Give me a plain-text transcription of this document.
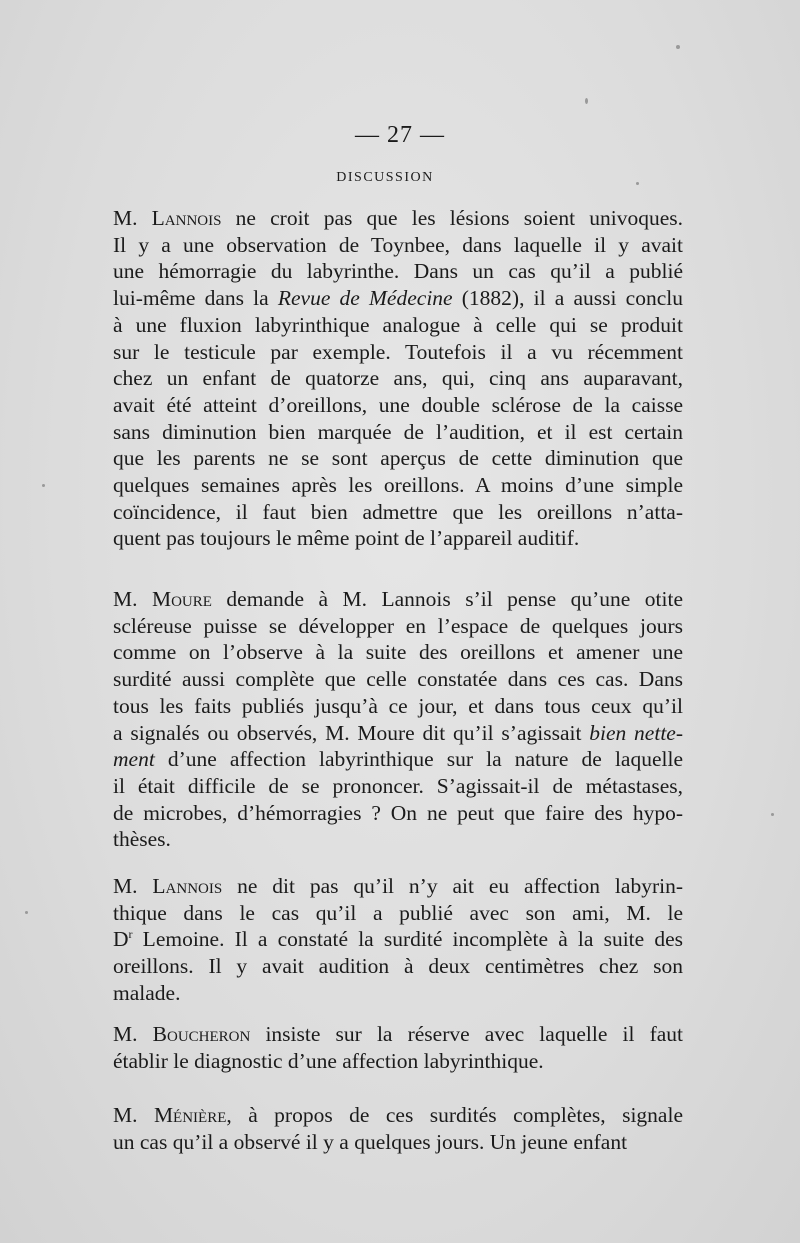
— 27 —
DISCUSSION
M. Lannois ne croit pas que les lésions soient univoques.
Il y a une observation de Toynbee, dans laquelle il y avait
une hémorragie du labyrinthe. Dans un cas qu’il a publié
lui-même dans la Revue de Médecine (1882), il a aussi conclu
à une fluxion labyrinthique analogue à celle qui se produit
sur le testicule par exemple. Toutefois il a vu récemment
chez un enfant de quatorze ans, qui, cinq ans auparavant,
avait été atteint d’oreillons, une double sclérose de la caisse
sans diminution bien marquée de l’audition, et il est certain
que les parents ne se sont aperçus de cette diminution que
quelques semaines après les oreillons. A moins d’une simple
coïncidence, il faut bien admettre que les oreillons n’atta-
quent pas toujours le même point de l’appareil auditif.
M. Moure demande à M. Lannois s’il pense qu’une otite
scléreuse puisse se développer en l’espace de quelques jours
comme on l’observe à la suite des oreillons et amener une
surdité aussi complète que celle constatée dans ces cas. Dans
tous les faits publiés jusqu’à ce jour, et dans tous ceux qu’il
a signalés ou observés, M. Moure dit qu’il s’agissait bien nette-
ment d’une affection labyrinthique sur la nature de laquelle
il était difficile de se prononcer. S’agissait-il de métastases,
de microbes, d’hémorragies ? On ne peut que faire des hypo-
thèses.
M. Lannois ne dit pas qu’il n’y ait eu affection labyrin-
thique dans le cas qu’il a publié avec son ami, M. le
$D^r$ Lemoine. Il a constaté la surdité incomplète à la suite des
oreillons. Il y avait audition à deux centimètres chez son
malade.
M. Boucheron insiste sur la réserve avec laquelle il faut
établir le diagnostic d’une affection labyrinthique.
M. Ménière, à propos de ces surdités complètes, signale
un cas qu’il a observé il y a quelques jours. Un jeune enfant
